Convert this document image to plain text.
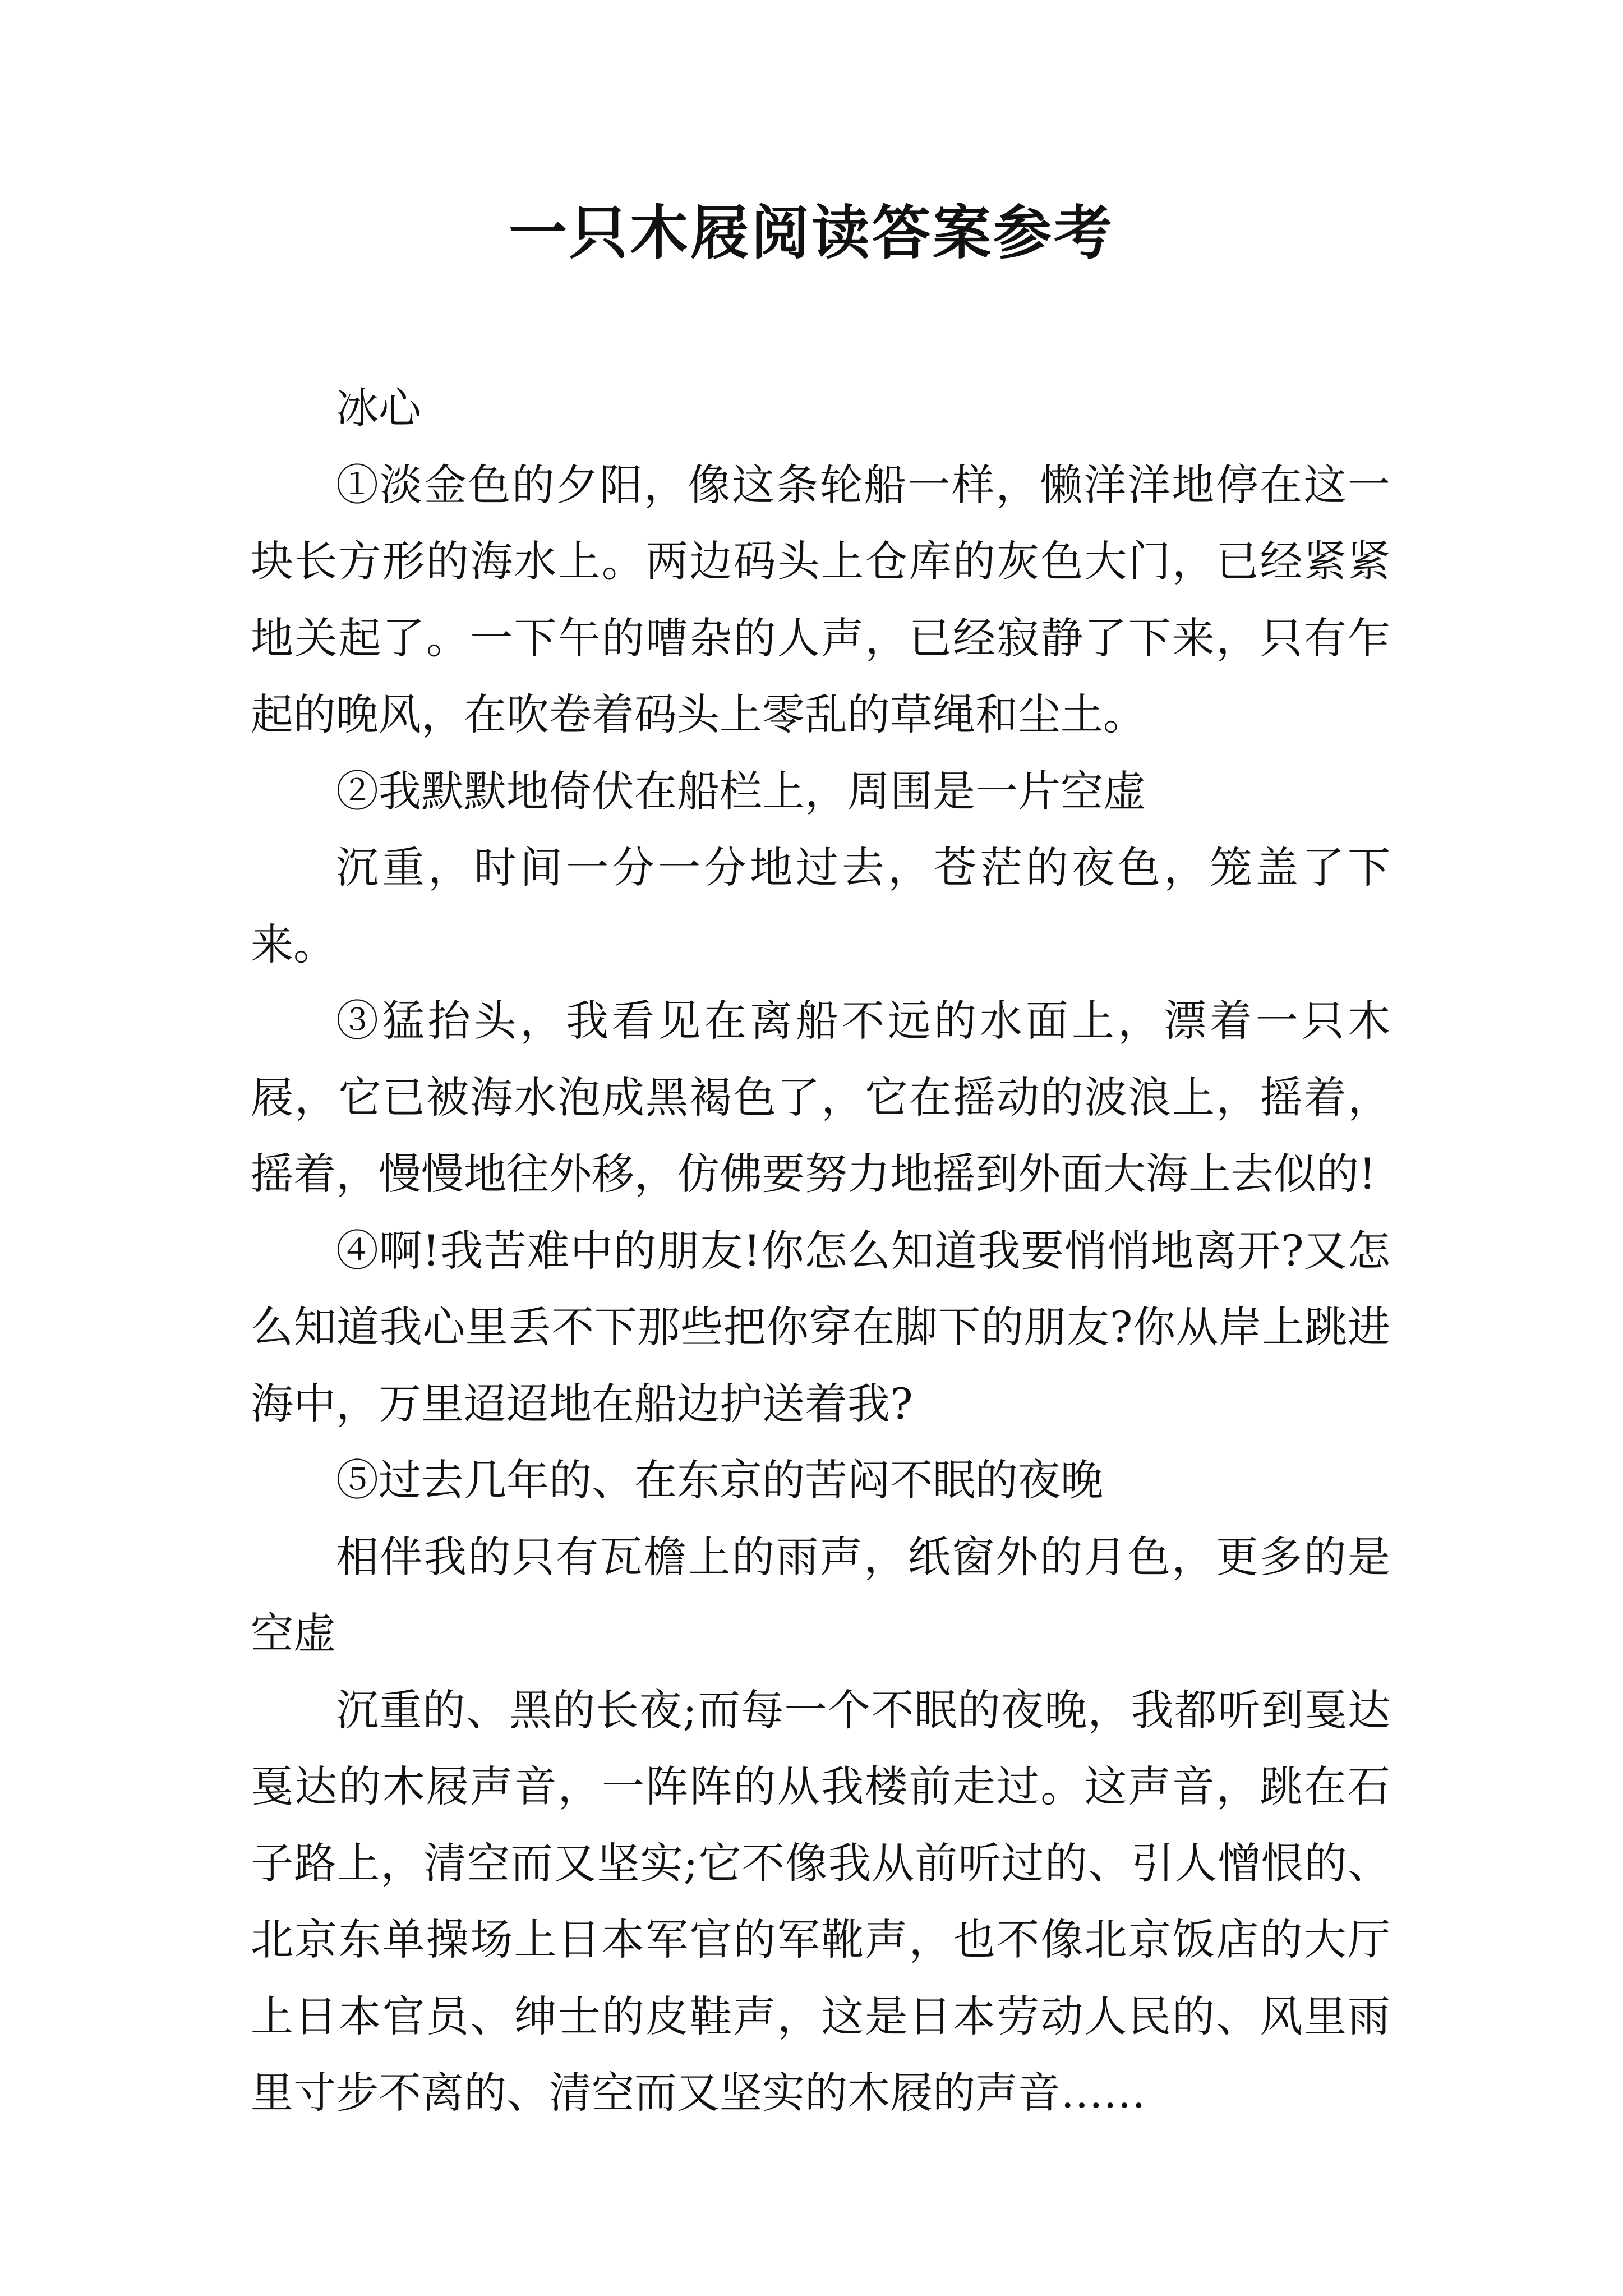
一只木屐阅读答案参考

冰心

①淡金色的夕阳，像这条轮船一样，懒洋洋地停在这一块长方形的海水上。两边码头上仓库的灰色大门，已经紧紧地关起了。一下午的嘈杂的人声，已经寂静了下来，只有乍起的晚风，在吹卷着码头上零乱的草绳和尘土。

②我默默地倚伏在船栏上，周围是一片空虚

沉重，时间一分一分地过去，苍茫的夜色，笼盖了下来。

③猛抬头，我看见在离船不远的水面上，漂着一只木屐，它已被海水泡成黑褐色了，它在摇动的波浪上，摇着，摇着，慢慢地往外移，仿佛要努力地摇到外面大海上去似的!

④啊!我苦难中的朋友!你怎么知道我要悄悄地离开?又怎么知道我心里丢不下那些把你穿在脚下的朋友?你从岸上跳进海中，万里迢迢地在船边护送着我?

⑤过去几年的、在东京的苦闷不眠的夜晚

相伴我的只有瓦檐上的雨声，纸窗外的月色，更多的是空虚

沉重的、黑的长夜;而每一个不眠的夜晚，我都听到戛达戛达的木屐声音，一阵阵的从我楼前走过。这声音，跳在石子路上，清空而又坚实;它不像我从前听过的、引人憎恨的、北京东单操场上日本军官的军靴声，也不像北京饭店的大厅上日本官员、绅士的皮鞋声，这是日本劳动人民的、风里雨里寸步不离的、清空而又坚实的木屐的声音……
